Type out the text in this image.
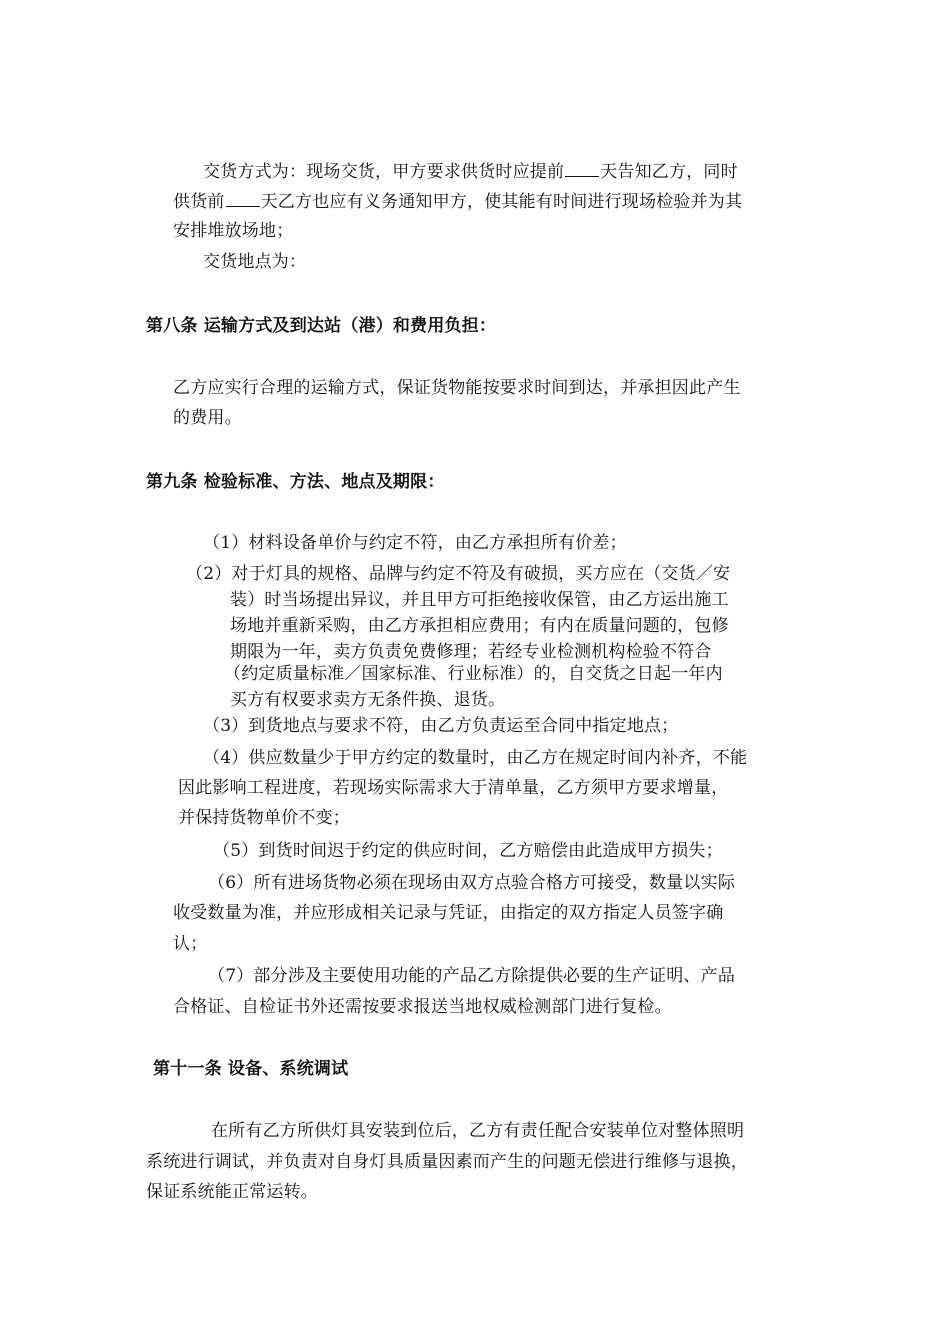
交货方式为：现场交货，甲方要求供货时应提前 天告知乙方，同时
供货前 天乙方也应有义务通知甲方，使其能有时间进行现场检验并为其
安排堆放场地；
交货地点为：
第八条 运输方式及到达站（港）和费用负担：
乙方应实行合理的运输方式，保证货物能按要求时间到达，并承担因此产生
的费用。
第九条 检验标准、方法、地点及期限：
（1）材料设备单价与约定不符，由乙方承担所有价差；
（2）对于灯具的规格、品牌与约定不符及有破损，买方应在（交货／安
装）时当场提出异议，并且甲方可拒绝接收保管，由乙方运出施工
场地并重新采购，由乙方承担相应费用；有内在质量问题的，包修
期限为一年，卖方负责免费修理；若经专业检测机构检验不符合
（约定质量标准／国家标准、行业标准）的，自交货之日起一年内
买方有权要求卖方无条件换、退货。
（3）到货地点与要求不符，由乙方负责运至合同中指定地点；
（4）供应数量少于甲方约定的数量时，由乙方在规定时间内补齐，不能
因此影响工程进度，若现场实际需求大于清单量，乙方须甲方要求增量，
并保持货物单价不变；
（5）到货时间迟于约定的供应时间，乙方赔偿由此造成甲方损失；
（6）所有进场货物必须在现场由双方点验合格方可接受，数量以实际
收受数量为准，并应形成相关记录与凭证，由指定的双方指定人员签字确
认；
（7）部分涉及主要使用功能的产品乙方除提供必要的生产证明、产品
合格证、自检证书外还需按要求报送当地权威检测部门进行复检。
第十一条 设备、系统调试
在所有乙方所供灯具安装到位后，乙方有责任配合安装单位对整体照明
系统进行调试，并负责对自身灯具质量因素而产生的问题无偿进行维修与退换，
保证系统能正常运转。
